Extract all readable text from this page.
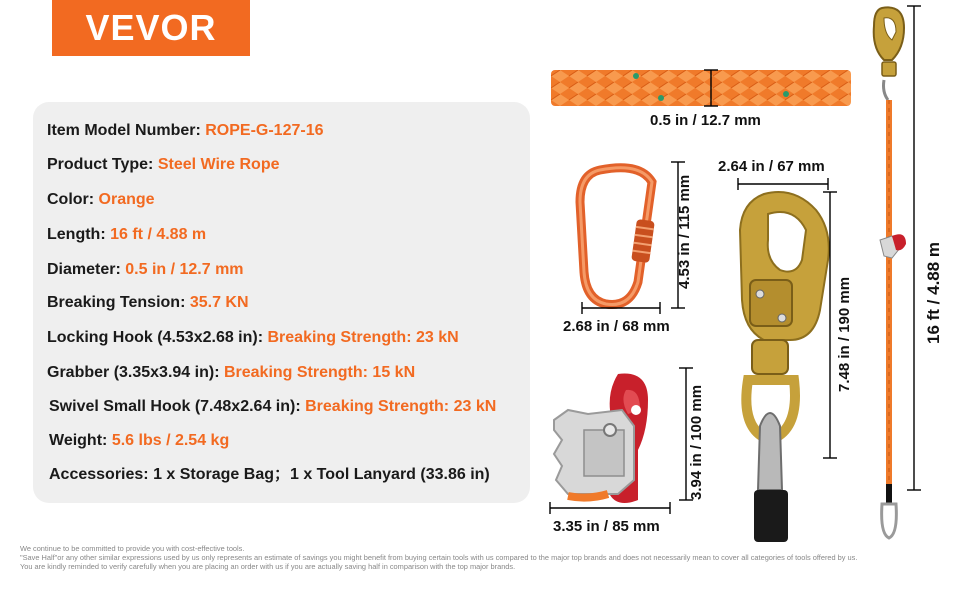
VEVOR
Item Model Number: ROPE-G-127-16
Product Type: Steel Wire Rope
Color: Orange
Length: 16 ft / 4.88 m
Diameter: 0.5 in / 12.7 mm
Breaking Tension: 35.7 KN
Locking Hook (4.53x2.68 in): Breaking Strength: 23 kN
Grabber (3.35x3.94 in): Breaking Strength: 15 kN
Swivel Small Hook (7.48x2.64 in): Breaking Strength: 23 kN
Weight: 5.6 lbs / 2.54 kg
Accessories: 1 x Storage Bag；1 x Tool Lanyard (33.86 in)
0.5 in / 12.7 mm
4.53 in / 115 mm
2.68 in / 68 mm
3.94 in / 100 mm
3.35 in / 85 mm
2.64 in / 67 mm
7.48 in / 190 mm	16 ft / 4.88 m
We continue to be committed to provide you with cost-effective tools.
"Save Half"or any other similar expressions used by us only represents an estimate of savings you might benefit from buying certain tools with us compared to the major top brands and does not necessarily mean to cover all categories of tools offered by us.
You are kindly reminded to verify carefully when you are placing an order with us if you are actually saving half in comparison with the top major brands.
